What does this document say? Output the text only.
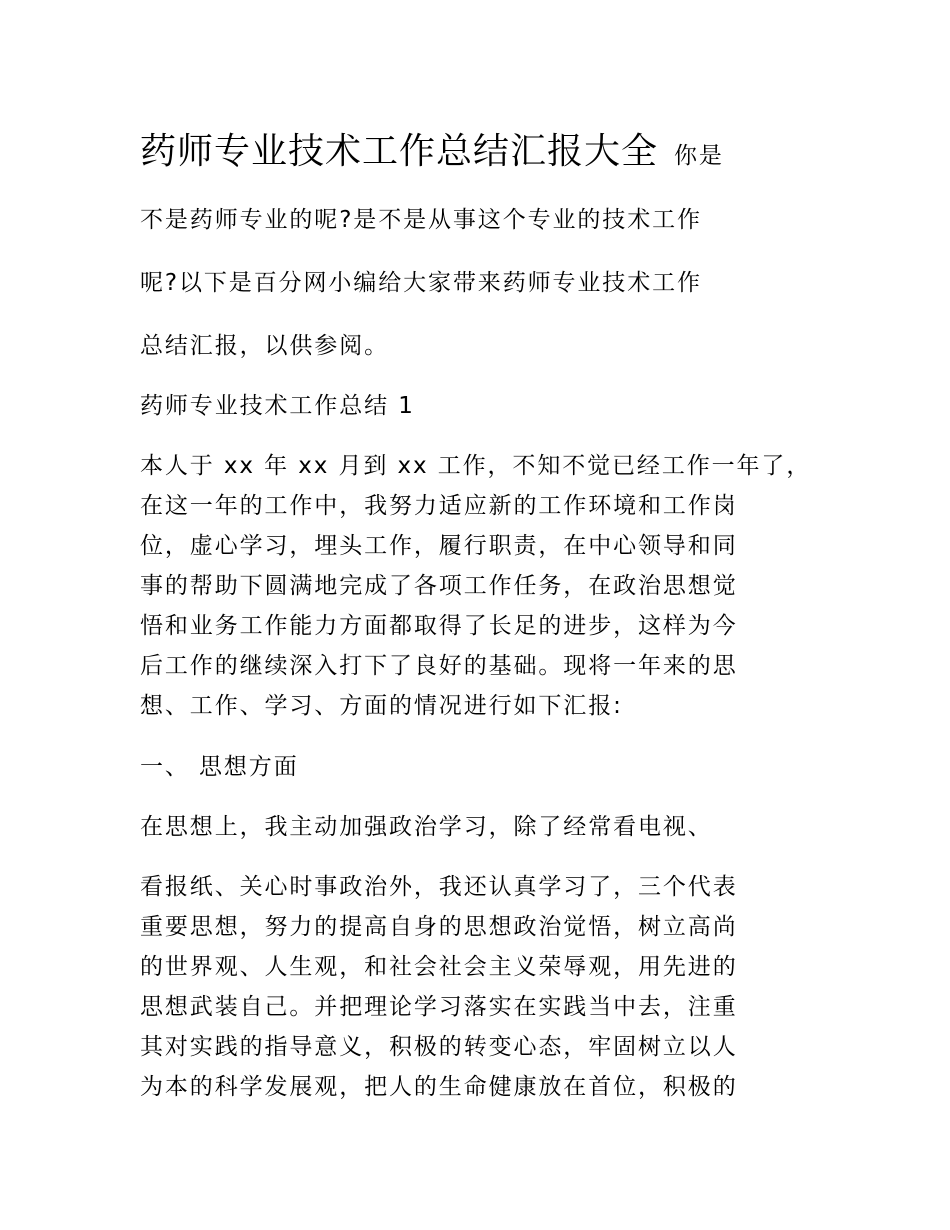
药师专业技术工作总结汇报大全 你是
不是药师专业的呢?是不是从事这个专业的技术工作
呢?以下是百分网小编给大家带来药师专业技术工作
总结汇报，以供参阅。
药师专业技术工作总结 1
本人于 xx 年 xx 月到 xx 工作，不知不觉已经工作一年了，
在这一年的工作中，我努力适应新的工作环境和工作岗
位，虚心学习，埋头工作，履行职责，在中心领导和同
事的帮助下圆满地完成了各项工作任务，在政治思想觉
悟和业务工作能力方面都取得了长足的进步，这样为今
后工作的继续深入打下了良好的基础。现将一年来的思
想、工作、学习、方面的情况进行如下汇报:
一、 思想方面
在思想上，我主动加强政治学习，除了经常看电视、
看报纸、关心时事政治外，我还认真学习了，三个代表
重要思想，努力的提高自身的思想政治觉悟，树立高尚
的世界观、人生观，和社会社会主义荣辱观，用先进的
思想武装自己。并把理论学习落实在实践当中去，注重
其对实践的指导意义，积极的转变心态，牢固树立以人
为本的科学发展观，把人的生命健康放在首位，积极的
